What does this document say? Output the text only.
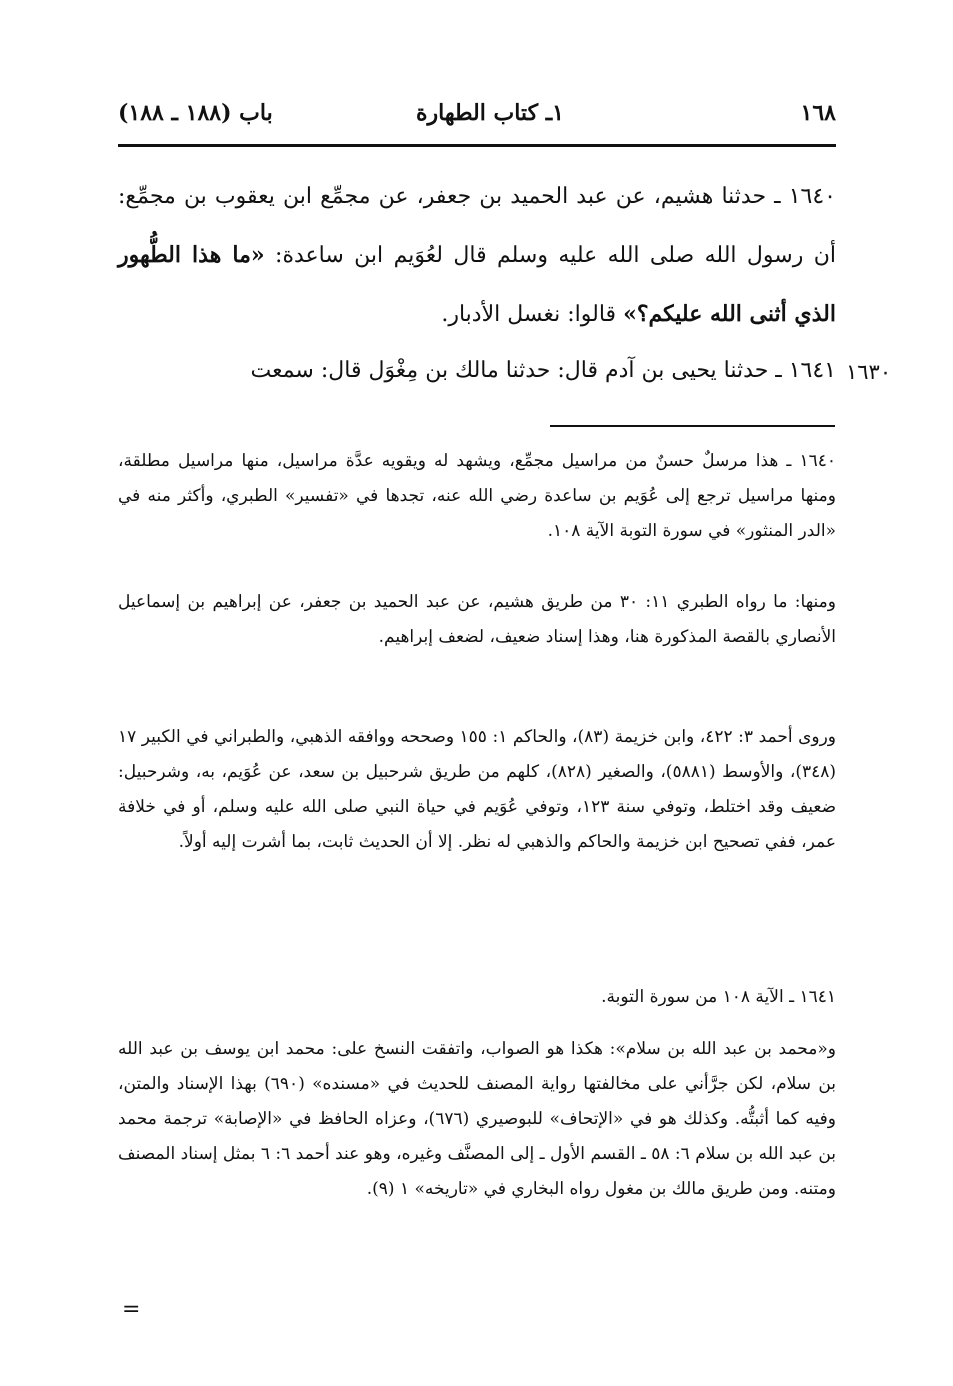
باب (١٨٨ ـ ١٨٨)	١ـ كتاب الطهارة	١٦٨

١٦٤٠ ـ حدثنا هشيم، عن عبد الحميد بن جعفر، عن مجمِّع ابن يعقوب بن مجمِّع: أن رسول الله صلى الله عليه وسلم قال لعُوَيم ابن ساعدة: «ما هذا الطُّهور الذي أثنى الله عليكم؟» قالوا: نغسل الأدبار.

١٦٣٠

١٦٤١ ـ حدثنا يحيى بن آدم قال: حدثنا مالك بن مِغْوَل قال: سمعت

١٦٤٠ ـ هذا مرسلٌ حسنٌ من مراسيل مجمِّع، ويشهد له ويقويه عدَّة مراسيل، منها مراسيل مطلقة، ومنها مراسيل ترجع إلى عُوَيم بن ساعدة رضي الله عنه، تجدها في «تفسير» الطبري، وأكثر منه في «الدر المنثور» في سورة التوبة الآية ١٠٨.

ومنها: ما رواه الطبري ١١: ٣٠ من طريق هشيم، عن عبد الحميد بن جعفر، عن إبراهيم بن إسماعيل الأنصاري بالقصة المذكورة هنا، وهذا إسناد ضعيف، لضعف إبراهيم.

وروى أحمد ٣: ٤٢٢، وابن خزيمة (٨٣)، والحاكم ١: ١٥٥ وصححه ووافقه الذهبي، والطبراني في الكبير ١٧ (٣٤٨)، والأوسط (٥٨٨١)، والصغير (٨٢٨)، كلهم من طريق شرحبيل بن سعد، عن عُوَيم، به، وشرحبيل: ضعيف وقد اختلط، وتوفي سنة ١٢٣، وتوفي عُوَيم في حياة النبي صلى الله عليه وسلم، أو في خلافة عمر، ففي تصحيح ابن خزيمة والحاكم والذهبي له نظر. إلا أن الحديث ثابت، بما أشرت إليه أولاً.

١٦٤١ ـ الآية ١٠٨ من سورة التوبة.

و«محمد بن عبد الله بن سلام»: هكذا هو الصواب، واتفقت النسخ على: محمد ابن يوسف بن عبد الله بن سلام، لكن جرَّأني على مخالفتها رواية المصنف للحديث في «مسنده» (٦٩٠) بهذا الإسناد والمتن، وفيه كما أثبتُّه. وكذلك هو في «الإتحاف» للبوصيري (٦٧٦)، وعزاه الحافظ في «الإصابة» ترجمة محمد بن عبد الله بن سلام ٦: ٥٨ ـ القسم الأول ـ إلى المصنَّف وغيره، وهو عند أحمد ٦: ٦ بمثل إسناد المصنف ومتنه. ومن طريق مالك بن مغول رواه البخاري في «تاريخه» ١ (٩).

=
